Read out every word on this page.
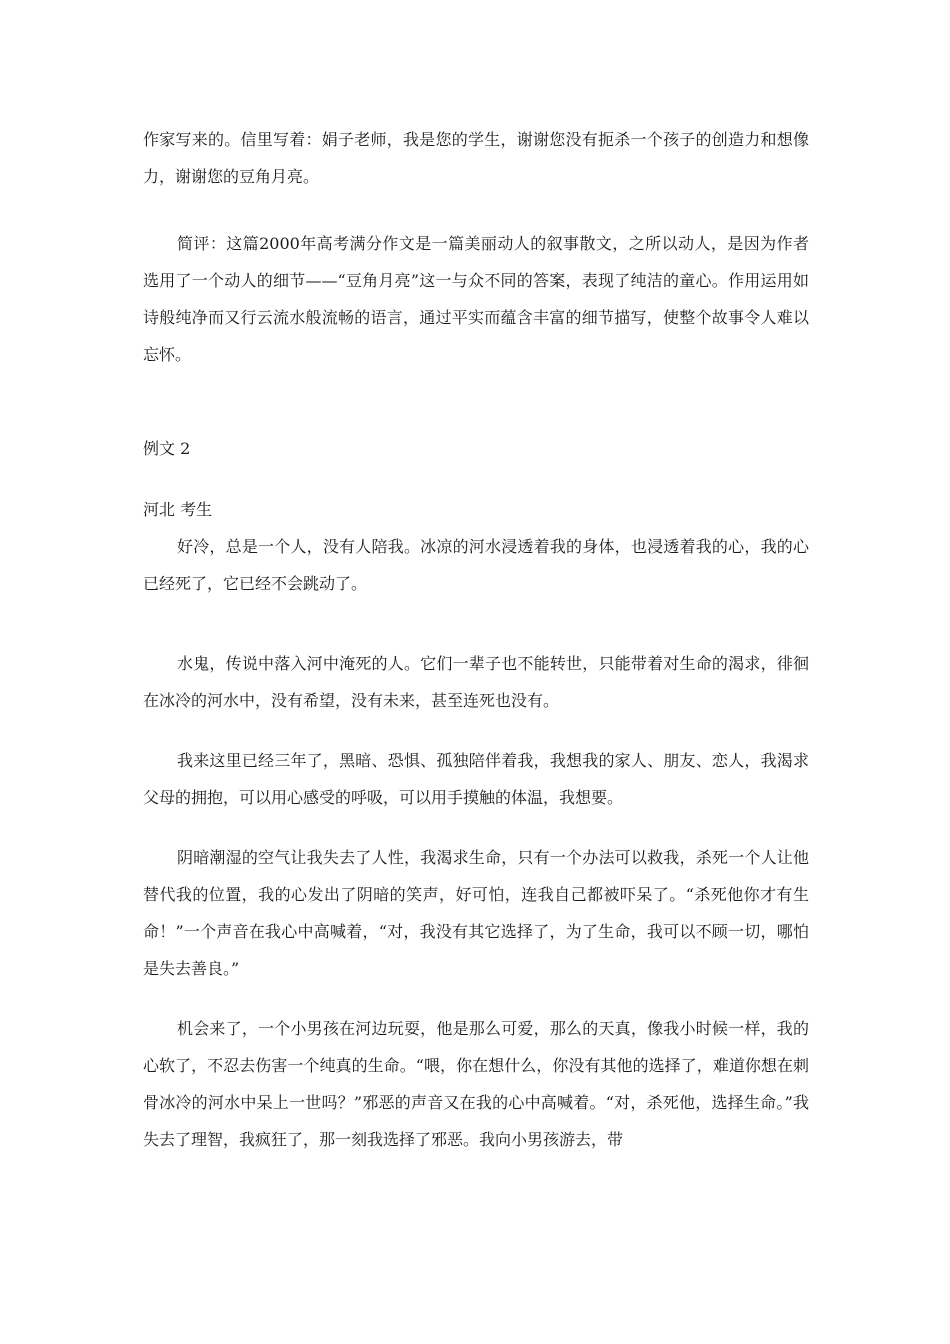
作家写来的。信里写着：娟子老师，我是您的学生，谢谢您没有扼杀一个孩子的创造力和想像力，谢谢您的豆角月亮。

简评：这篇2000年高考满分作文是一篇美丽动人的叙事散文，之所以动人，是因为作者选用了一个动人的细节——“豆角月亮”这一与众不同的答案，表现了纯洁的童心。作用运用如诗般纯净而又行云流水般流畅的语言，通过平实而蕴含丰富的细节描写，使整个故事令人难以忘怀。

例文 2

河北 考生

好冷，总是一个人，没有人陪我。冰凉的河水浸透着我的身体，也浸透着我的心，我的心已经死了，它已经不会跳动了。

水鬼，传说中落入河中淹死的人。它们一辈子也不能转世，只能带着对生命的渴求，徘徊在冰冷的河水中，没有希望，没有未来，甚至连死也没有。

我来这里已经三年了，黑暗、恐惧、孤独陪伴着我，我想我的家人、朋友、恋人，我渴求父母的拥抱，可以用心感受的呼吸，可以用手摸触的体温，我想要。

阴暗潮湿的空气让我失去了人性，我渴求生命，只有一个办法可以救我，杀死一个人让他替代我的位置，我的心发出了阴暗的笑声，好可怕，连我自己都被吓呆了。“杀死他你才有生命！”一个声音在我心中高喊着，“对，我没有其它选择了，为了生命，我可以不顾一切，哪怕是失去善良。”

机会来了，一个小男孩在河边玩耍，他是那么可爱，那么的天真，像我小时候一样，我的心软了，不忍去伤害一个纯真的生命。“喂，你在想什么，你没有其他的选择了，难道你想在刺骨冰冷的河水中呆上一世吗？”邪恶的声音又在我的心中高喊着。“对，杀死他，选择生命。”我失去了理智，我疯狂了，那一刻我选择了邪恶。我向小男孩游去，带
